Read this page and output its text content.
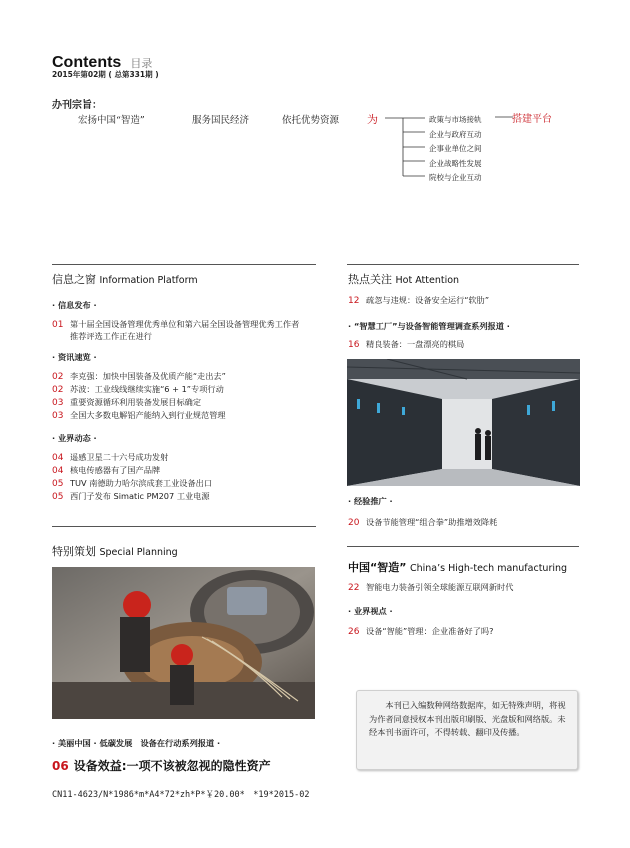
Contents 目录
2015年第02期 ( 总第331期 )
办刊宗旨：
宏扬中国“智造”	服务国民经济	依托优势资源	为	政策与市场接轨
企业与政府互动
企事业单位之间
企业战略性发展
院校与企业互动
搭建平台
信息之窗 Information Platform
· 信息发布 ·
01 第十届全国设备管理优秀单位和第六届全国设备管理优秀工作者
推荐评选工作正在进行
· 资讯速览 ·
02 李克强：加快中国装备及优质产能“走出去”
02 苏波：工业线线继续实施“6 + 1”专项行动
03 重要资源循环利用装备发展目标确定
03 全国大多数电解铝产能纳入到行业规范管理
· 业界动态 ·
04 遥感卫星二十六号成功发射
04 核电传感器有了国产品牌
05 TUV 南德助力哈尔滨成套工业设备出口
05 西门子发布 Simatic PM207 工业电源
特别策划 Special Planning
· 美丽中国 · 低碳发展　设备在行动系列报道 ·
06 设备效益:一项不该被忽视的隐性资产
热点关注 Hot Attention
12 疏忽与违规：设备安全运行“软肋”
· “智慧工厂”与设备智能管理调查系列报道 ·
16 精良装备：一盘漂亮的棋局
· 经验推广 ·
20 设备节能管理“组合拳”助推增效降耗
中国“智造” China’s High-tech manufacturing
22 智能电力装备引领全球能源互联网新时代
· 业界视点 ·
26 设备“智能”管理：企业准备好了吗?
本刊已入编数种网络数据库，如无特殊声明，将视为作者同意授权本刊出版印刷版、光盘版和网络版。未经本刊书面许可，不得转载、翻印及传播。
CN11-4623/N*1986*m*A4*72*zh*P*￥20.00*　*19*2015-02
